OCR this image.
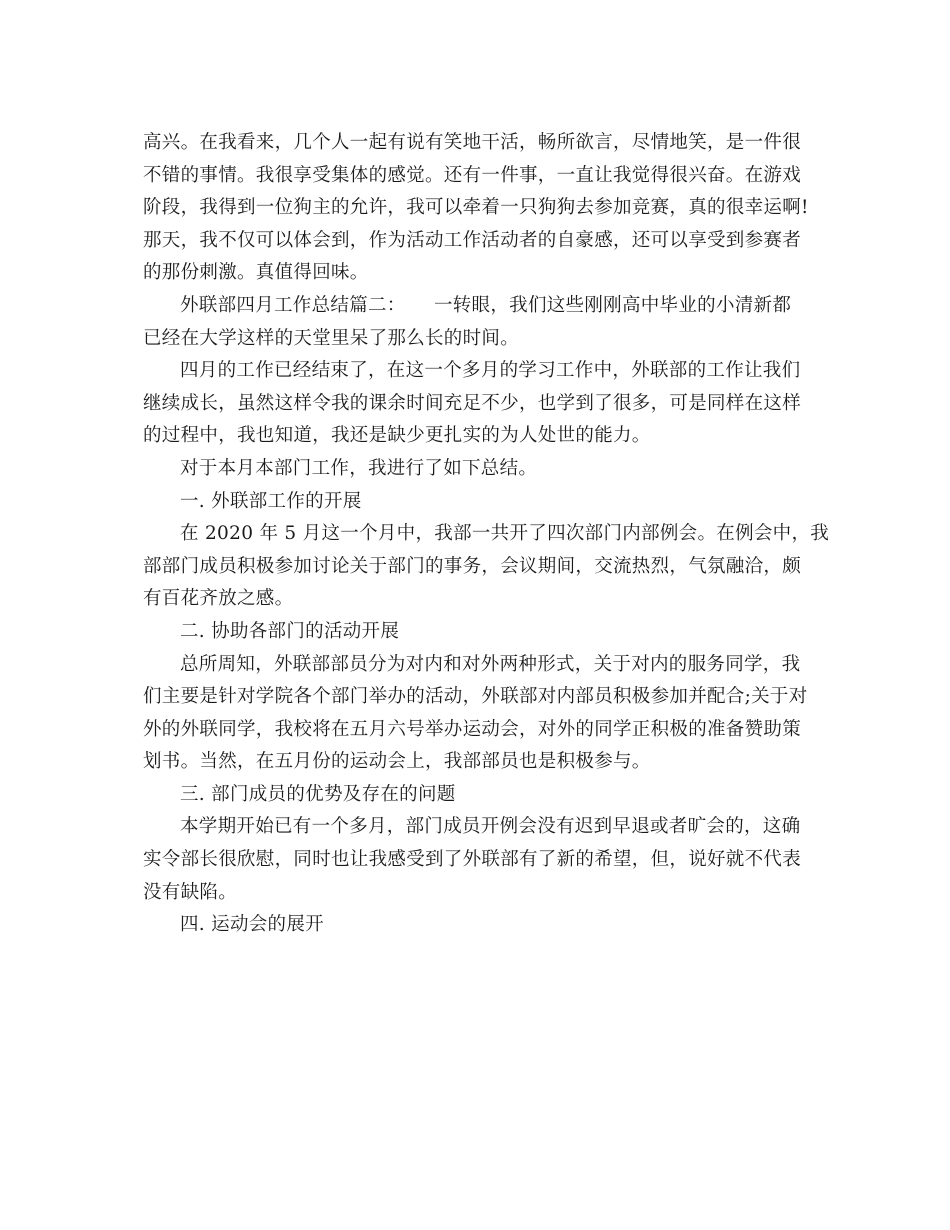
高兴。在我看来，几个人一起有说有笑地干活，畅所欲言，尽情地笑，是一件很
不错的事情。我很享受集体的感觉。还有一件事，一直让我觉得很兴奋。在游戏
阶段，我得到一位狗主的允许，我可以牵着一只狗狗去参加竞赛，真的很幸运啊!
那天，我不仅可以体会到，作为活动工作活动者的自豪感，还可以享受到参赛者
的那份刺激。真值得回味。

外联部四月工作总结篇二：　　一转眼，我们这些刚刚高中毕业的小清新都
已经在大学这样的天堂里呆了那么长的时间。

四月的工作已经结束了，在这一个多月的学习工作中，外联部的工作让我们
继续成长，虽然这样令我的课余时间充足不少，也学到了很多，可是同样在这样
的过程中，我也知道，我还是缺少更扎实的为人处世的能力。

对于本月本部门工作，我进行了如下总结。

一. 外联部工作的开展

在 2020 年 5 月这一个月中，我部一共开了四次部门内部例会。在例会中，我
部部门成员积极参加讨论关于部门的事务，会议期间，交流热烈，气氛融洽，颇
有百花齐放之感。

二. 协助各部门的活动开展

总所周知，外联部部员分为对内和对外两种形式，关于对内的服务同学，我
们主要是针对学院各个部门举办的活动，外联部对内部员积极参加并配合;关于对
外的外联同学，我校将在五月六号举办运动会，对外的同学正积极的准备赞助策
划书。当然，在五月份的运动会上，我部部员也是积极参与。

三. 部门成员的优势及存在的问题

本学期开始已有一个多月，部门成员开例会没有迟到早退或者旷会的，这确
实令部长很欣慰，同时也让我感受到了外联部有了新的希望，但，说好就不代表
没有缺陷。

四. 运动会的展开
